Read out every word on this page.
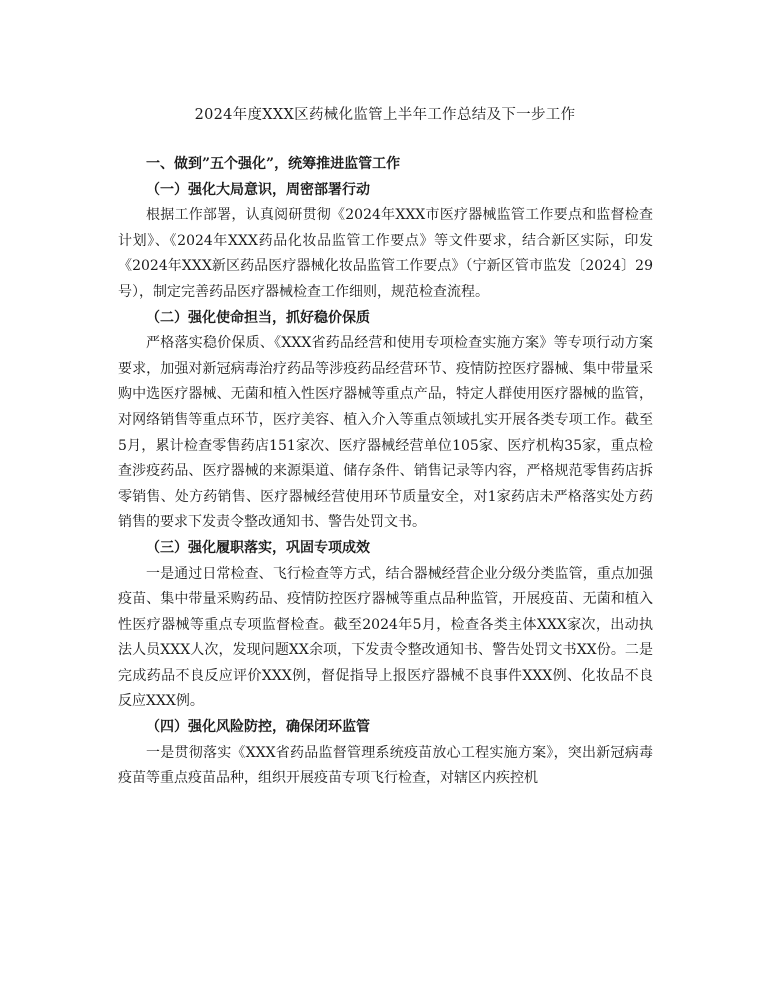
2024年度XXX区药械化监管上半年工作总结及下一步工作

一、做到”五个强化”，统筹推进监管工作

（一）强化大局意识，周密部署行动

根据工作部署，认真阅研贯彻《2024年XXX市医疗器械监管工作要点和监督检查计划》、《2024年XXX药品化妆品监管工作要点》等文件要求，结合新区实际，印发《2024年XXX新区药品医疗器械化妆品监管工作要点》（宁新区管市监发〔2024〕29号），制定完善药品医疗器械检查工作细则，规范检查流程。

（二）强化使命担当，抓好稳价保质

严格落实稳价保质、《XXX省药品经营和使用专项检查实施方案》等专项行动方案要求，加强对新冠病毒治疗药品等涉疫药品经营环节、疫情防控医疗器械、集中带量采购中选医疗器械、无菌和植入性医疗器械等重点产品，特定人群使用医疗器械的监管，对网络销售等重点环节，医疗美容、植入介入等重点领域扎实开展各类专项工作。截至5月，累计检查零售药店151家次、医疗器械经营单位105家、医疗机构35家，重点检查涉疫药品、医疗器械的来源渠道、储存条件、销售记录等内容，严格规范零售药店拆零销售、处方药销售、医疗器械经营使用环节质量安全，对1家药店未严格落实处方药销售的要求下发责令整改通知书、警告处罚文书。

（三）强化履职落实，巩固专项成效

一是通过日常检查、飞行检查等方式，结合器械经营企业分级分类监管，重点加强疫苗、集中带量采购药品、疫情防控医疗器械等重点品种监管，开展疫苗、无菌和植入性医疗器械等重点专项监督检查。截至2024年5月，检查各类主体XXX家次，出动执法人员XXX人次，发现问题XX余项，下发责令整改通知书、警告处罚文书XX份。二是完成药品不良反应评价XXX例，督促指导上报医疗器械不良事件XXX例、化妆品不良反应XXX例。

（四）强化风险防控，确保闭环监管

一是贯彻落实《XXX省药品监督管理系统疫苗放心工程实施方案》，突出新冠病毒疫苗等重点疫苗品种，组织开展疫苗专项飞行检查，对辖区内疾控机
